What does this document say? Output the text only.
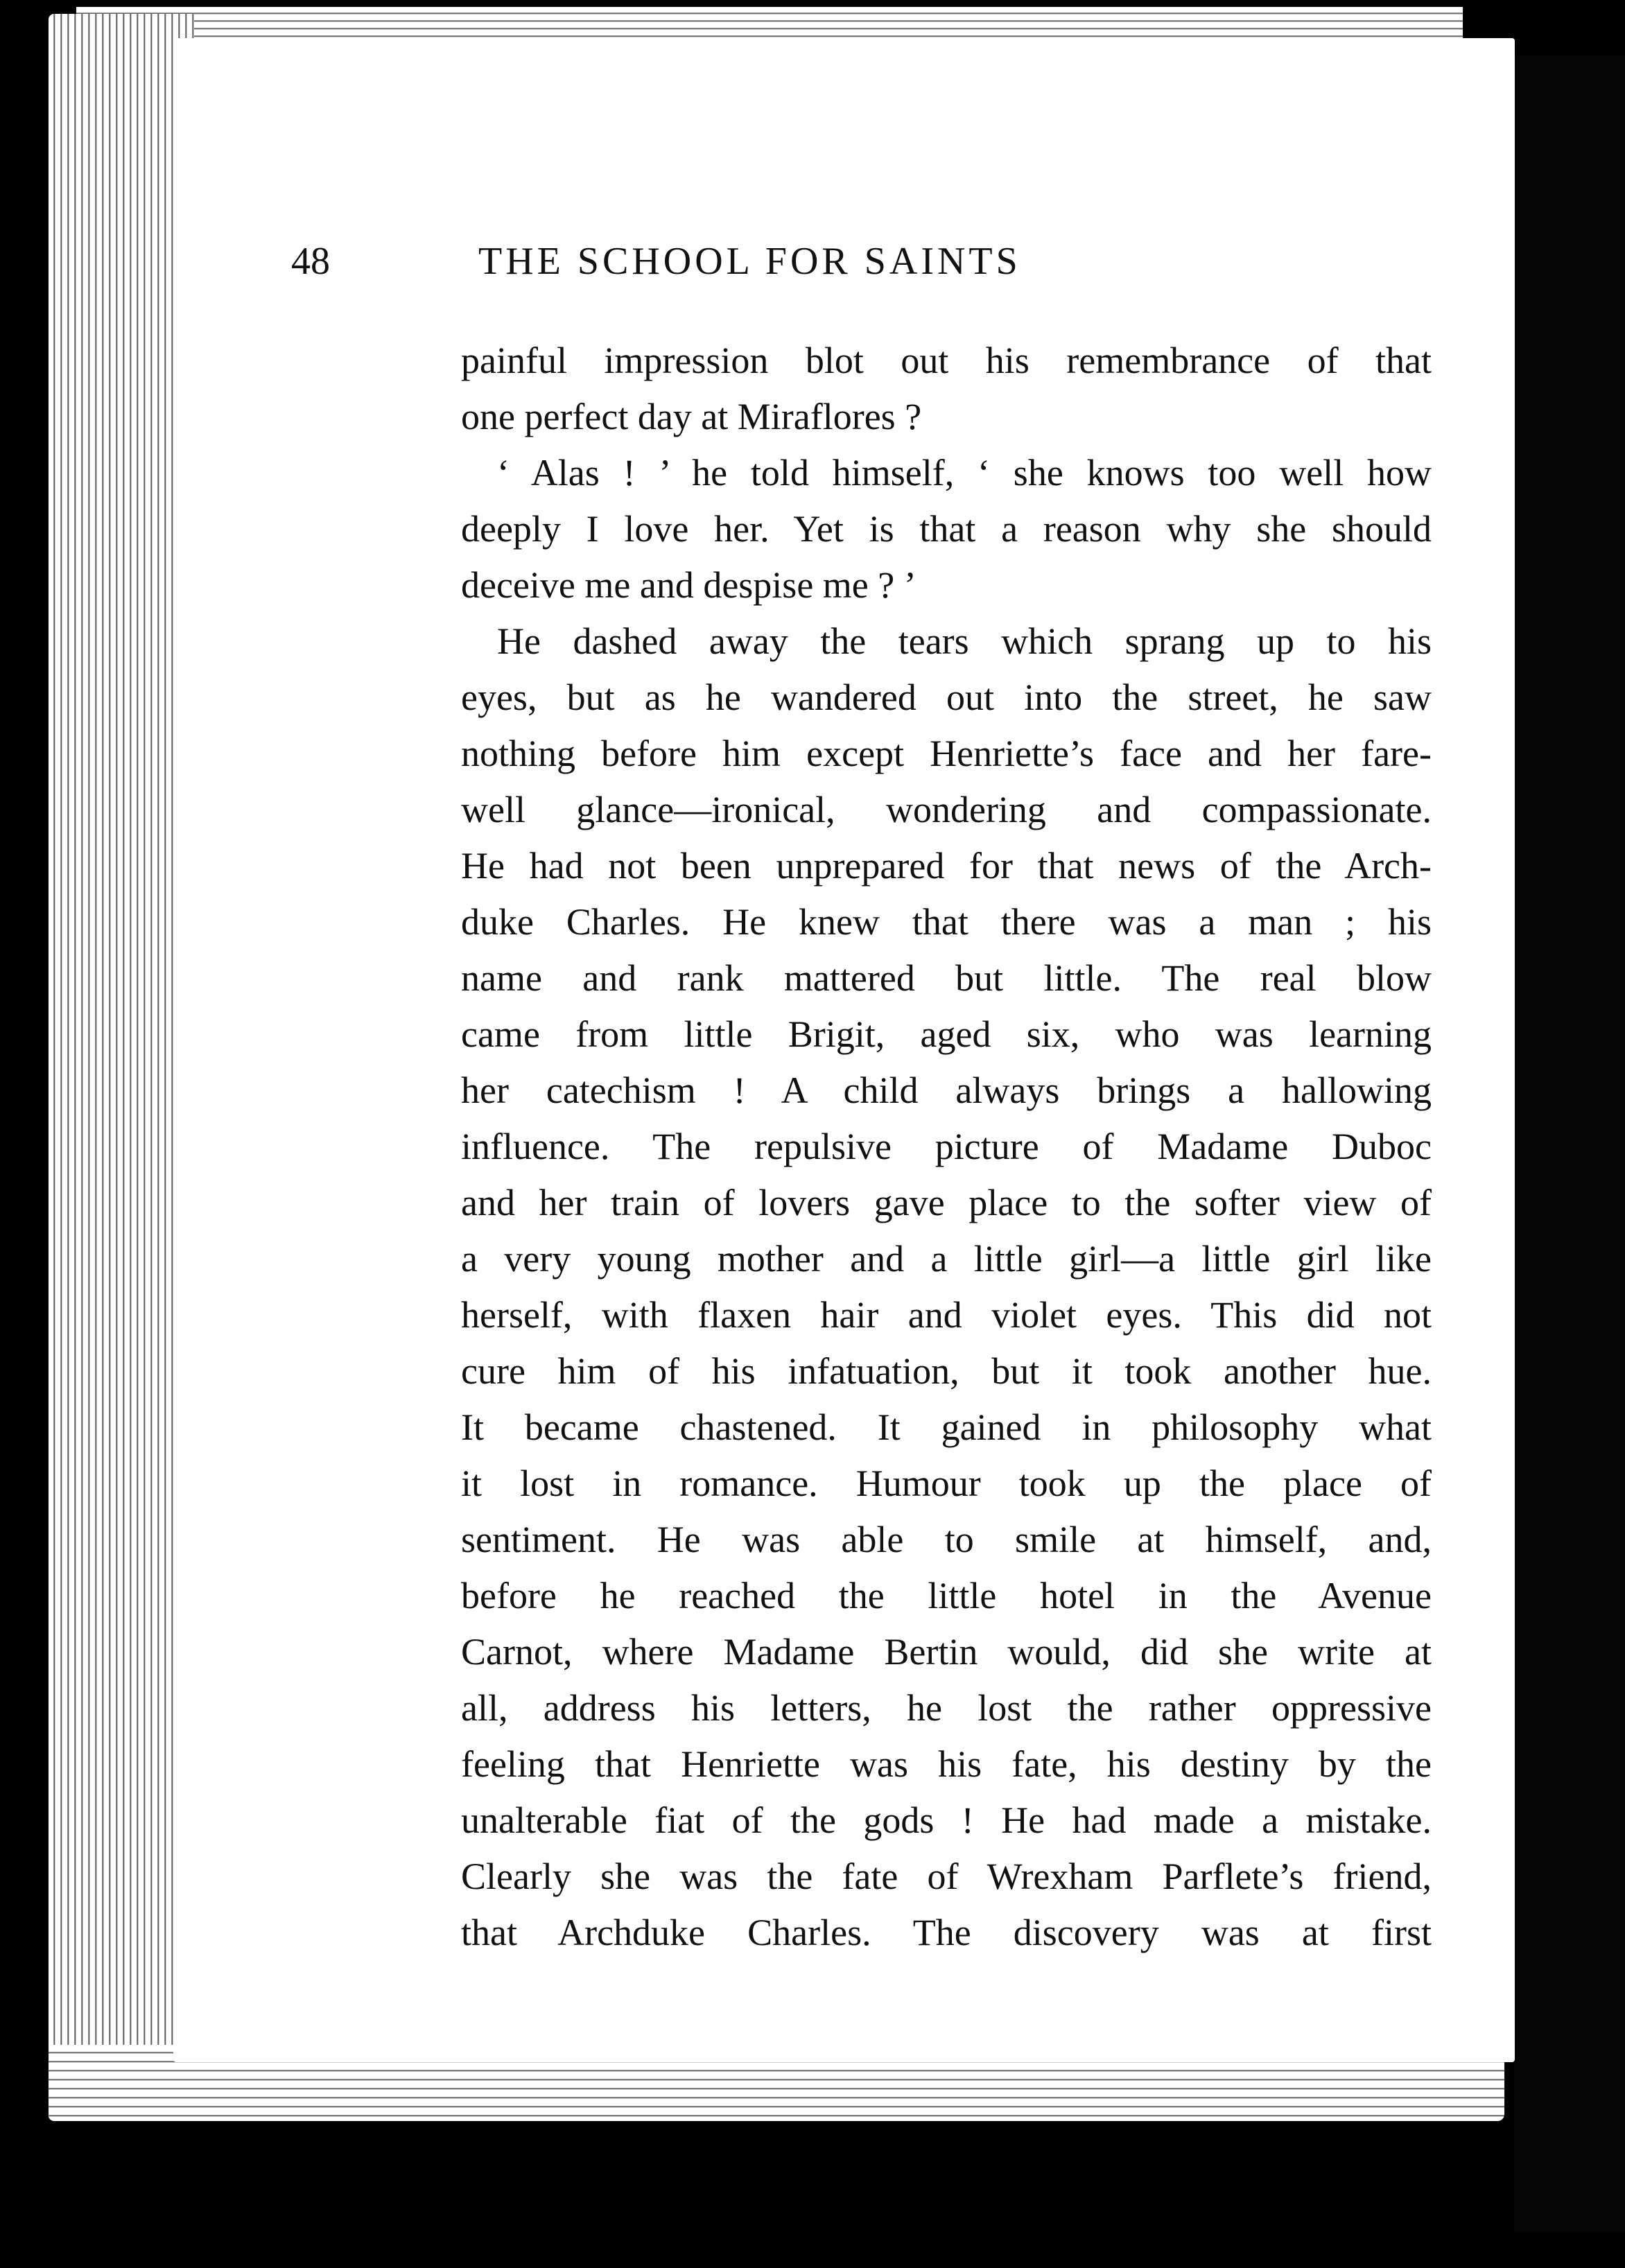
48	THE SCHOOL FOR SAINTS
painful impression blot out his remembrance of that
one perfect day at Miraflores ?
‘ Alas ! ’ he told himself, ‘ she knows too well how
deeply I love her. Yet is that a reason why she should
deceive me and despise me ? ’
He dashed away the tears which sprang up to his
eyes, but as he wandered out into the street, he saw
nothing before him except Henriette’s face and her fare-
well glance—ironical, wondering and compassionate.
He had not been unprepared for that news of the Arch-
duke Charles. He knew that there was a man ; his
name and rank mattered but little. The real blow
came from little Brigit, aged six, who was learning
her catechism ! A child always brings a hallowing
influence. The repulsive picture of Madame Duboc
and her train of lovers gave place to the softer view of
a very young mother and a little girl—a little girl like
herself, with flaxen hair and violet eyes. This did not
cure him of his infatuation, but it took another hue.
It became chastened. It gained in philosophy what
it lost in romance. Humour took up the place of
sentiment. He was able to smile at himself, and,
before he reached the little hotel in the Avenue
Carnot, where Madame Bertin would, did she write at
all, address his letters, he lost the rather oppressive
feeling that Henriette was his fate, his destiny by the
unalterable fiat of the gods ! He had made a mistake.
Clearly she was the fate of Wrexham Parflete’s friend,
that Archduke Charles. The discovery was at first
